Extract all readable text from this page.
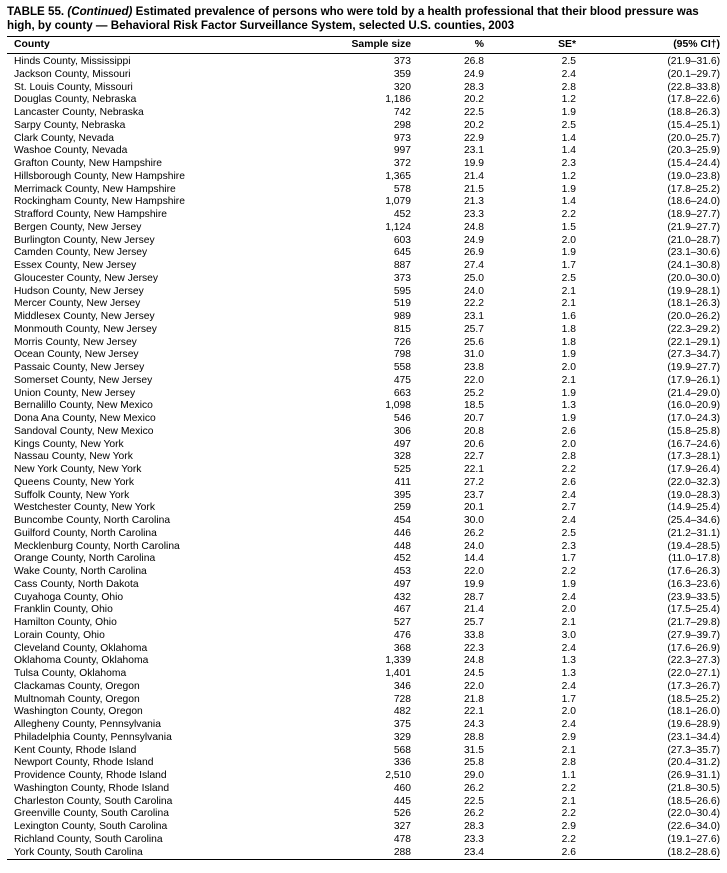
TABLE 55. (Continued) Estimated prevalence of persons who were told by a health professional that their blood pressure was high, by county — Behavioral Risk Factor Surveillance System, selected U.S. counties, 2003
County	Sample size	%	SE*	(95% CI†)
Hinds County, Mississippi	373	26.8	2.5	(21.9–31.6)
Jackson County, Missouri	359	24.9	2.4	(20.1–29.7)
St. Louis County, Missouri	320	28.3	2.8	(22.8–33.8)
Douglas County, Nebraska	1,186	20.2	1.2	(17.8–22.6)
Lancaster County, Nebraska	742	22.5	1.9	(18.8–26.3)
Sarpy County, Nebraska	298	20.2	2.5	(15.4–25.1)
Clark County, Nevada	973	22.9	1.4	(20.0–25.7)
Washoe County, Nevada	997	23.1	1.4	(20.3–25.9)
Grafton County, New Hampshire	372	19.9	2.3	(15.4–24.4)
Hillsborough County, New Hampshire	1,365	21.4	1.2	(19.0–23.8)
Merrimack County, New Hampshire	578	21.5	1.9	(17.8–25.2)
Rockingham County, New Hampshire	1,079	21.3	1.4	(18.6–24.0)
Strafford County, New Hampshire	452	23.3	2.2	(18.9–27.7)
Bergen County, New Jersey	1,124	24.8	1.5	(21.9–27.7)
Burlington County, New Jersey	603	24.9	2.0	(21.0–28.7)
Camden County, New Jersey	645	26.9	1.9	(23.1–30.6)
Essex County, New Jersey	887	27.4	1.7	(24.1–30.8)
Gloucester County, New Jersey	373	25.0	2.5	(20.0–30.0)
Hudson County, New Jersey	595	24.0	2.1	(19.9–28.1)
Mercer County, New Jersey	519	22.2	2.1	(18.1–26.3)
Middlesex County, New Jersey	989	23.1	1.6	(20.0–26.2)
Monmouth County, New Jersey	815	25.7	1.8	(22.3–29.2)
Morris County, New Jersey	726	25.6	1.8	(22.1–29.1)
Ocean County, New Jersey	798	31.0	1.9	(27.3–34.7)
Passaic County, New Jersey	558	23.8	2.0	(19.9–27.7)
Somerset County, New Jersey	475	22.0	2.1	(17.9–26.1)
Union County, New Jersey	663	25.2	1.9	(21.4–29.0)
Bernalillo County, New Mexico	1,098	18.5	1.3	(16.0–20.9)
Dona Ana County, New Mexico	546	20.7	1.9	(17.0–24.3)
Sandoval County, New Mexico	306	20.8	2.6	(15.8–25.8)
Kings County, New York	497	20.6	2.0	(16.7–24.6)
Nassau County, New York	328	22.7	2.8	(17.3–28.1)
New York County, New York	525	22.1	2.2	(17.9–26.4)
Queens County, New York	411	27.2	2.6	(22.0–32.3)
Suffolk County, New York	395	23.7	2.4	(19.0–28.3)
Westchester County, New York	259	20.1	2.7	(14.9–25.4)
Buncombe County, North Carolina	454	30.0	2.4	(25.4–34.6)
Guilford County, North Carolina	446	26.2	2.5	(21.2–31.1)
Mecklenburg County, North Carolina	448	24.0	2.3	(19.4–28.5)
Orange County, North Carolina	452	14.4	1.7	(11.0–17.8)
Wake County, North Carolina	453	22.0	2.2	(17.6–26.3)
Cass County, North Dakota	497	19.9	1.9	(16.3–23.6)
Cuyahoga County, Ohio	432	28.7	2.4	(23.9–33.5)
Franklin County, Ohio	467	21.4	2.0	(17.5–25.4)
Hamilton County, Ohio	527	25.7	2.1	(21.7–29.8)
Lorain County, Ohio	476	33.8	3.0	(27.9–39.7)
Cleveland County, Oklahoma	368	22.3	2.4	(17.6–26.9)
Oklahoma County, Oklahoma	1,339	24.8	1.3	(22.3–27.3)
Tulsa County, Oklahoma	1,401	24.5	1.3	(22.0–27.1)
Clackamas County, Oregon	346	22.0	2.4	(17.3–26.7)
Multnomah County, Oregon	728	21.8	1.7	(18.5–25.2)
Washington County, Oregon	482	22.1	2.0	(18.1–26.0)
Allegheny County, Pennsylvania	375	24.3	2.4	(19.6–28.9)
Philadelphia County, Pennsylvania	329	28.8	2.9	(23.1–34.4)
Kent County, Rhode Island	568	31.5	2.1	(27.3–35.7)
Newport County, Rhode Island	336	25.8	2.8	(20.4–31.2)
Providence County, Rhode Island	2,510	29.0	1.1	(26.9–31.1)
Washington County, Rhode Island	460	26.2	2.2	(21.8–30.5)
Charleston County, South Carolina	445	22.5	2.1	(18.5–26.6)
Greenville County, South Carolina	526	26.2	2.2	(22.0–30.4)
Lexington County, South Carolina	327	28.3	2.9	(22.6–34.0)
Richland County, South Carolina	478	23.3	2.2	(19.1–27.6)
York County, South Carolina	288	23.4	2.6	(18.2–28.6)
